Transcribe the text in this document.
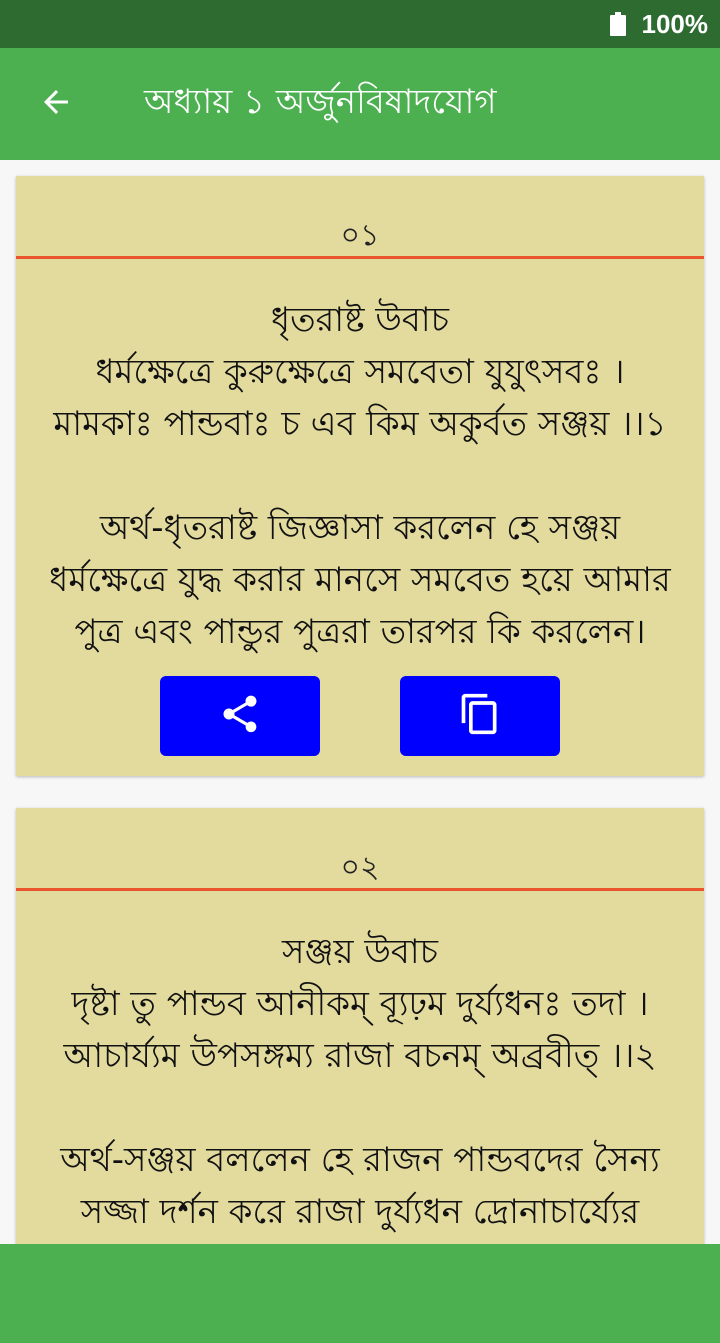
100%
অধ্যায় ১ অর্জুনবিষাদযোগ
০১
ধৃতরাষ্ট উবাচ
ধর্মক্ষেত্রে কুরুক্ষেত্রে সমবেতা যুযুৎসবঃ ।
মামকাঃ পান্ডবাঃ চ এব কিম অকুর্বত সঞ্জয় ।।১
অর্থ-ধৃতরাষ্ট জিজ্ঞাসা করলেন হে সঞ্জয়
ধর্মক্ষেত্রে যুদ্ধ করার মানসে সমবেত হয়ে আমার
পুত্র এবং পান্ডুর পুত্ররা তারপর কি করলেন।
০২
সঞ্জয় উবাচ
দৃষ্টা তু পান্ডব আনীকম্ ব্যূঢ়ম দুর্য্যধনঃ তদা ।
আচার্য্যম উপসঙ্গম্য রাজা বচনম্ অব্রবীত্ ।।২
অর্থ-সঞ্জয় বললেন হে রাজন পান্ডবদের সৈন্য
সজ্জা দর্শন করে রাজা দুর্য্যধন দ্রোনাচার্য্যের
